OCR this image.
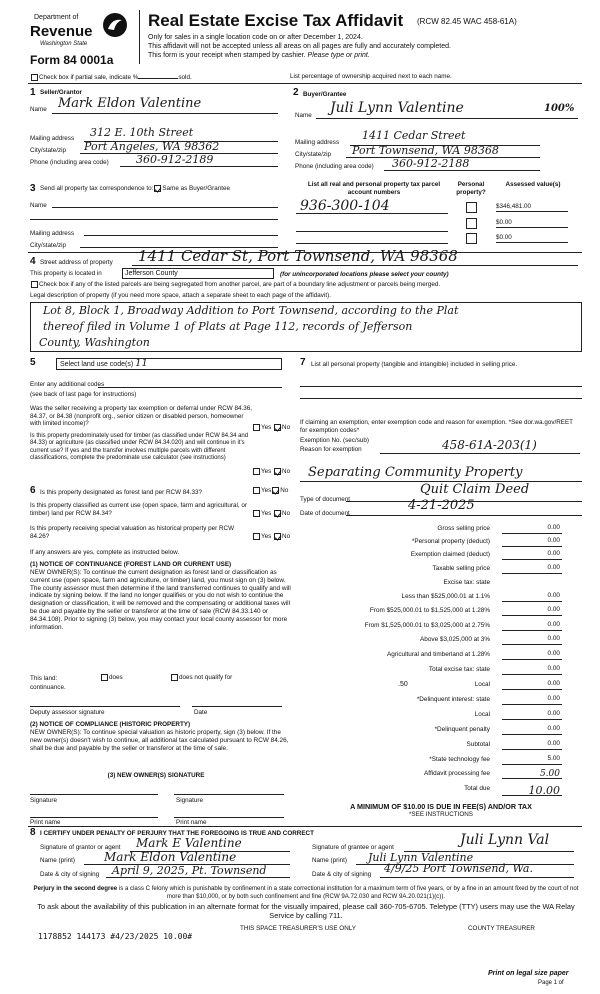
Department of
Revenue
Washington State
Form 84 0001a
Real Estate Excise Tax Affidavit (RCW 82.45 WAC 458-61A)
Only for sales in a single location code on or after December 1, 2024.
This affidavit will not be accepted unless all areas on all pages are fully and accurately completed.
This form is your receipt when stamped by cashier. Please type or print.
Check box if partial sale, indicate %	sold.	List percentage of ownership acquired next to each name.
1 Seller/Grantor
Name Mark Eldon Valentine
Mailing address 312 E. 10th Street
City/state/zip Port Angeles, WA 98362
Phone (including area code) 360-912-2189
2 Buyer/Grantee
Name Juli Lynn Valentine	100%
Mailing address
1411 Cedar Street
City/state/zip Port Townsend, WA 98368
Phone (including area code) 360-912-2188
3 Send all property tax correspondence to: Same as Buyer/Grantee
Name
Mailing address
City/state/zip
List all real and personal property tax parcel account numbers
Personal property?
Assessed value(s)
936-300-104	$346,481.00
$0.00
$0.00
4 Street address of property 1411 Cedar St, Port Townsend, WA 98368
This property is located in	Jefferson County	(for unincorporated locations please select your county)
Check box if any of the listed parcels are being segregated from another parcel, are part of a boundary line adjustment or parcels being merged.
Legal description of property (if you need more space, attach a separate sheet to each page of the affidavit).
Lot 8, Block 1, Broadway Addition to Port Townsend, according to the Plat
thereof filed in Volume 1 of Plats at Page 112, records of Jefferson
County, Washington
5	Select land use code(s) 11
Enter any additional codes
(see back of last page for instructions)
Was the seller receiving a property tax exemption or deferral under RCW 84.36, 84.37, or 84.38 (nonprofit org., senior citizen or disabled person, homeowner with limited income)?
Yes No
Is this property predominately used for timber (as classified under RCW 84.34 and 84.33) or agriculture (as classified under RCW 84.34.020) and will continue in it's current use? If yes and the transfer involves multiple parcels with different classifications, complete the predominate use calculator (see instructions)
Yes No
6 Is this property designated as forest land per RCW 84.33?	Yes No
Is this property classified as current use (open space, farm and agricultural, or timber) land per RCW 84.34?	Yes No
Is this property receiving special valuation as historical property per RCW 84.26?	Yes No
If any answers are yes, complete as instructed below.
(1) NOTICE OF CONTINUANCE (FOREST LAND OR CURRENT USE)
NEW OWNER(S): To continue the current designation as forest land or classification as current use (open space, farm and agriculture, or timber) land, you must sign on (3) below. The county assessor must then determine if the land transferred continues to qualify and will indicate by signing below. If the land no longer qualifies or you do not wish to continue the designation or classification, it will be removed and the compensating or additional taxes will be due and payable by the seller or transferor at the time of sale (RCW 84.33.140 or 84.34.108). Prior to signing (3) below, you may contact your local county assessor for more information.
This land:	does	does not qualify for
continuance.
Deputy assessor signature	Date
(2) NOTICE OF COMPLIANCE (HISTORIC PROPERTY)
NEW OWNER(S): To continue special valuation as historic property, sign (3) below. If the new owner(s) doesn't wish to continue, all additional tax calculated pursuant to RCW 84.26, shall be due and payable by the seller or transferor at the time of sale.
(3) NEW OWNER(S) SIGNATURE
Signature	Signature
Print name	Print name
7 List all personal property (tangible and intangible) included in selling price.
If claiming an exemption, enter exemption code and reason for exemption. *See dor.wa.gov/REET for exemption codes*
Exemption No. (sec/sub)
Reason for exemption	458-61A-203(1)
Separating Community Property
Type of document
Quit Claim Deed
Date of document
4-21-2025
Gross selling price	0.00
*Personal property (deduct)	0.00
Exemption claimed (deduct)	0.00
Taxable selling price	0.00
Excise tax: state
Less than $525,000.01 at 1.1%	0.00
From $525,000.01 to $1,525,000 at 1.28%	0.00
From $1,525,000.01 to $3,025,000 at 2.75%	0.00
Above $3,025,000 at 3%	0.00
Agricultural and timberland at 1.28%	0.00
Total excise tax: state	0.00
.50	Local	0.00
*Delinquent interest: state	0.00
Local	0.00
*Delinquent penalty	0.00
Subtotal	0.00
*State technology fee	5.00
Affidavit processing fee	5.00
Total due	10.00
A MINIMUM OF $10.00 IS DUE IN FEE(S) AND/OR TAX
*SEE INSTRUCTIONS
8 I CERTIFY UNDER PENALTY OF PERJURY THAT THE FOREGOING IS TRUE AND CORRECT
Signature of grantor or agent Mark E Valentine
Name (print) Mark Eldon Valentine
Date & city of signing April 9, 2025, Pt. Townsend
Signature of grantee or agent	Juli Lynn Val
Name (print) Juli Lynn Valentine
Date & city of signing 4/9/25 Port Townsend, Wa.
Perjury in the second degree is a class C felony which is punishable by confinement in a state correctional institution for a maximum term of five years, or by a fine in an amount fixed by the court of not more than $10,000, or by both such confinement and fine (RCW 9A.72.030 and RCW 9A.20.021(1)(c)).
To ask about the availability of this publication in an alternate format for the visually impaired, please call 360-705-6705. Teletype (TTY) users may use the WA Relay Service by calling 711.
1178852 144173 #4/23/2025 10.00#
THIS SPACE TREASURER'S USE ONLY	COUNTY TREASURER
Print on legal size paper
Page 1 of
